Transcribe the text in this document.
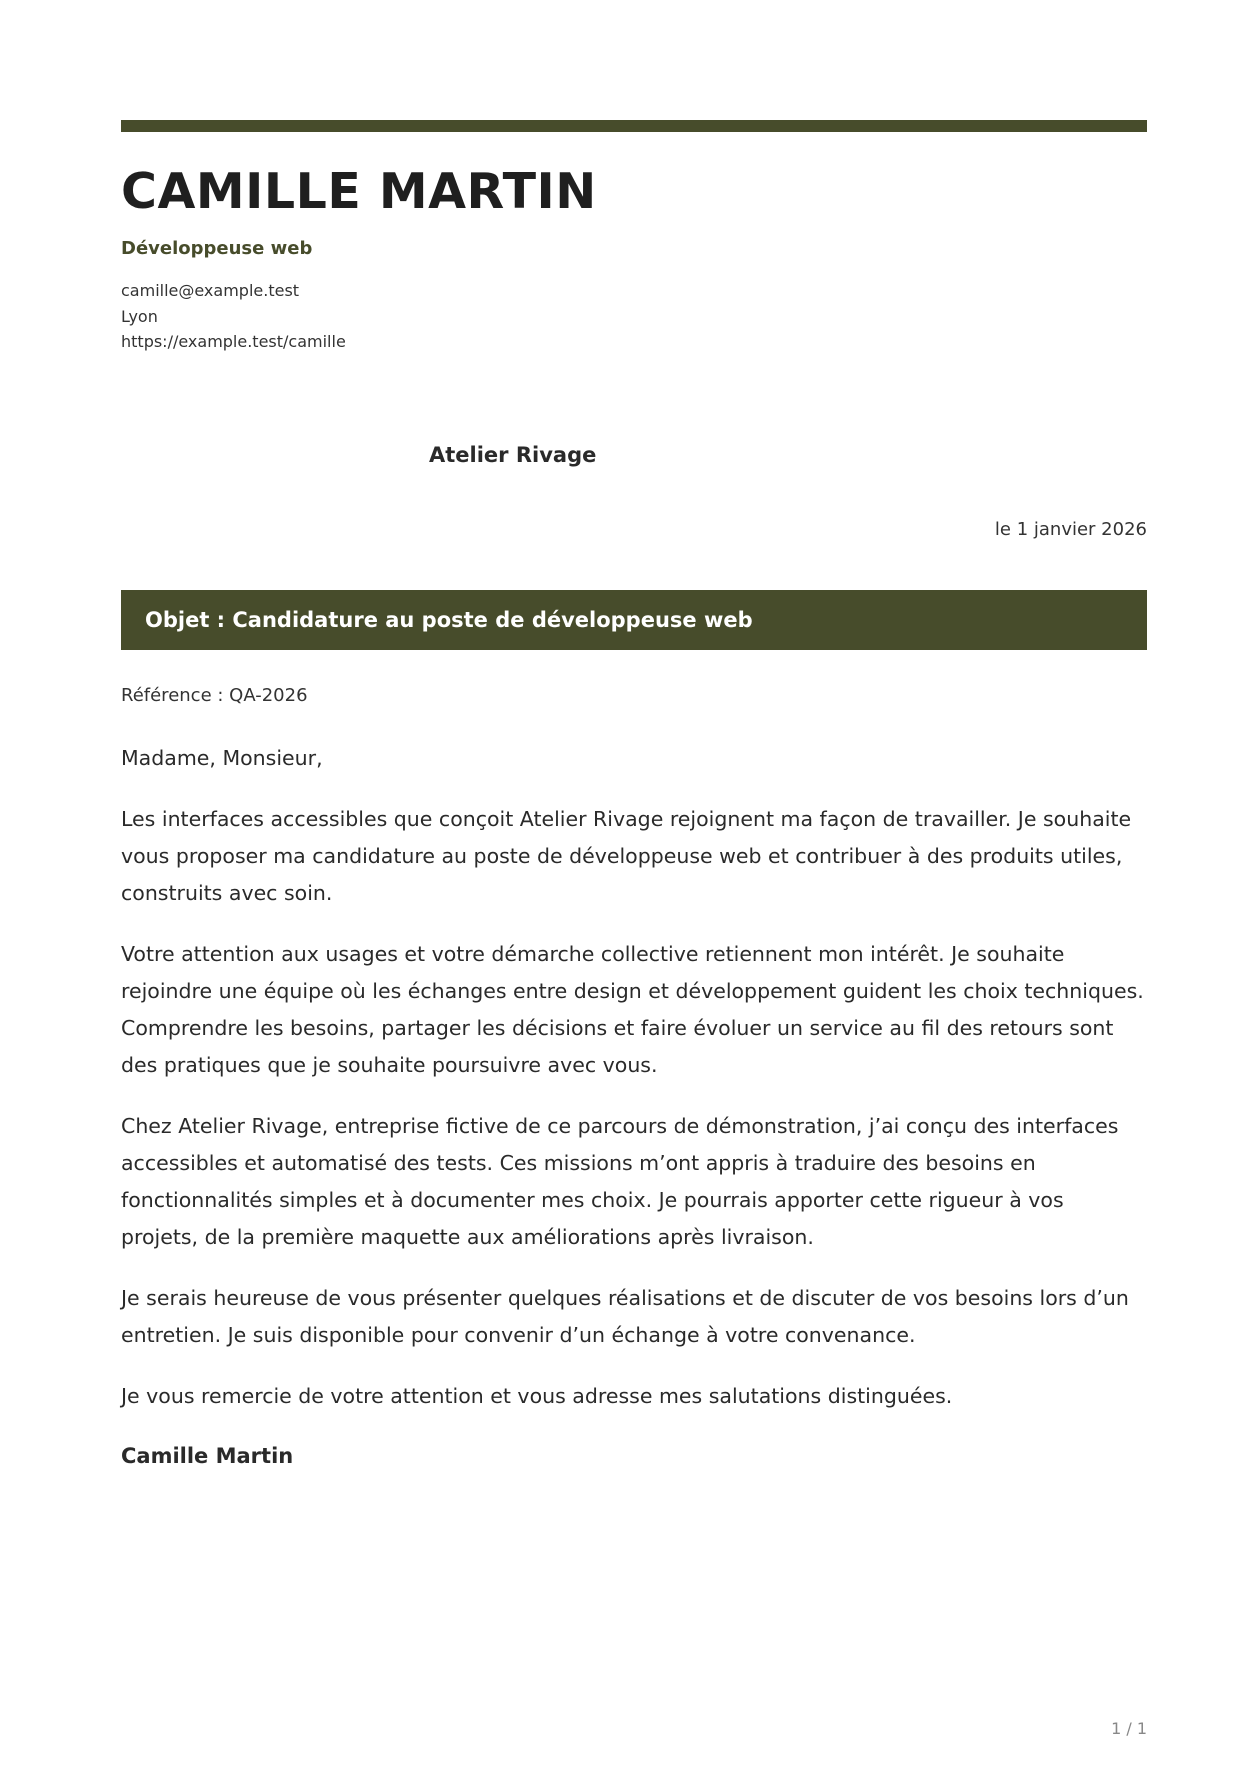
CAMILLE MARTIN
Développeuse web
camille@example.test
Lyon
https://example.test/camille
Atelier Rivage
le 1 janvier 2026
Objet : Candidature au poste de développeuse web
Référence : QA-2026

Madame, Monsieur,

Les interfaces accessibles que conçoit Atelier Rivage rejoignent ma façon de travailler. Je souhaite vous proposer ma candidature au poste de développeuse web et contribuer à des produits utiles, construits avec soin.

Votre attention aux usages et votre démarche collective retiennent mon intérêt. Je souhaite rejoindre une équipe où les échanges entre design et développement guident les choix techniques. Comprendre les besoins, partager les décisions et faire évoluer un service au fil des retours sont des pratiques que je souhaite poursuivre avec vous.

Chez Atelier Rivage, entreprise fictive de ce parcours de démonstration, j’ai conçu des interfaces accessibles et automatisé des tests. Ces missions m’ont appris à traduire des besoins en fonctionnalités simples et à documenter mes choix. Je pourrais apporter cette rigueur à vos projets, de la première maquette aux améliorations après livraison.

Je serais heureuse de vous présenter quelques réalisations et de discuter de vos besoins lors d’un entretien. Je suis disponible pour convenir d’un échange à votre convenance.

Je vous remercie de votre attention et vous adresse mes salutations distinguées.

Camille Martin
1 / 1
